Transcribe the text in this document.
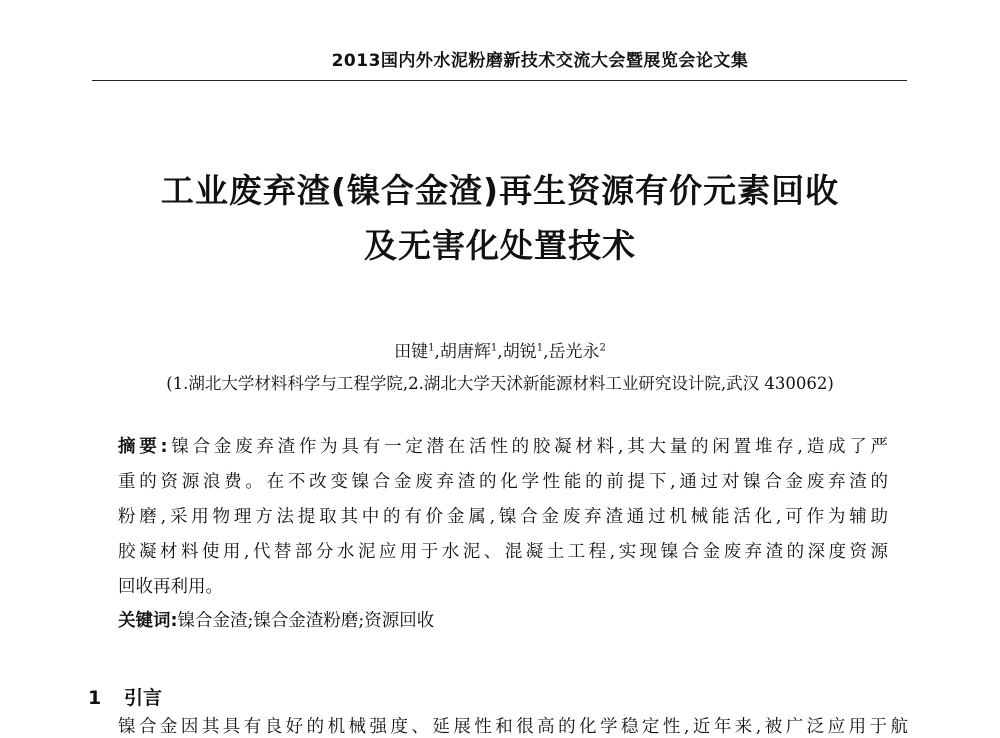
2013国内外水泥粉磨新技术交流大会暨展览会论文集
工业废弃渣(镍合金渣)再生资源有价元素回收
及无害化处置技术
田键$^1$,胡唐辉$^1$,胡锐$^1$,岳光永$^2$
(1.湖北大学材料科学与工程学院,2.湖北大学天沭新能源材料工业研究设计院,武汉 430062)
摘要:镍合金废弃渣作为具有一定潜在活性的胶凝材料,其大量的闲置堆存,造成了严
重的资源浪费。在不改变镍合金废弃渣的化学性能的前提下,通过对镍合金废弃渣的
粉磨,采用物理方法提取其中的有价金属,镍合金废弃渣通过机械能活化,可作为辅助
胶凝材料使用,代替部分水泥应用于水泥、混凝土工程,实现镍合金废弃渣的深度资源
回收再利用。
关键词:镍合金渣;镍合金渣粉磨;资源回收
1 引言
镍合金因其具有良好的机械强度、延展性和很高的化学稳定性,近年来,被广泛应用于航
